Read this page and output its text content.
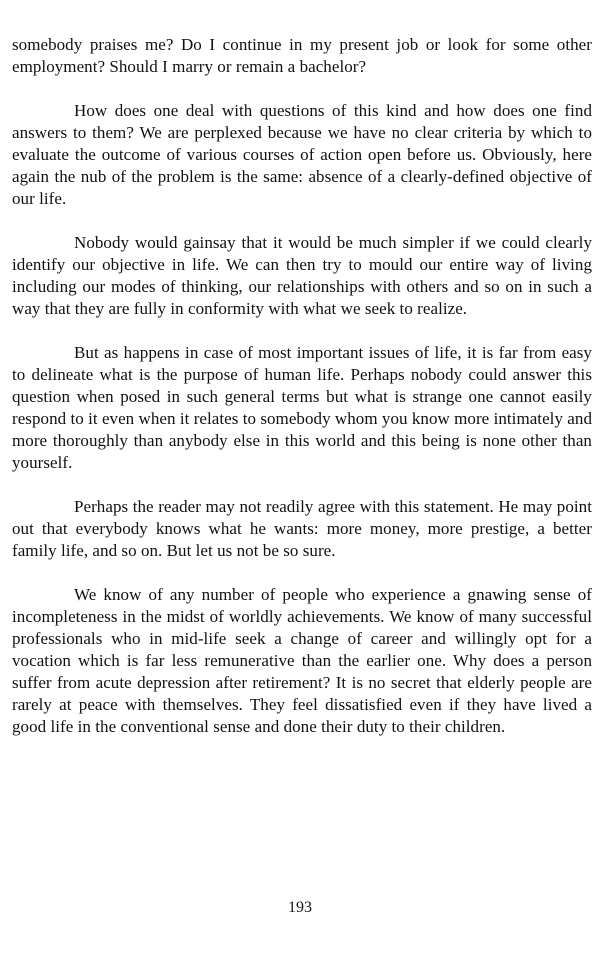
somebody praises me? Do I continue in my present job or look for some other employment? Should I marry or remain a bachelor?

How does one deal with questions of this kind and how does one find answers to them? We are perplexed because we have no clear criteria by which to evaluate the outcome of various courses of action open before us. Obviously, here again the nub of the problem is the same: absence of a clearly-defined objective of our life.

Nobody would gainsay that it would be much simpler if we could clearly identify our objective in life. We can then try to mould our entire way of living including our modes of thinking, our relationships with others and so on in such a way that they are fully in conformity with what we seek to realize.

But as happens in case of most important issues of life, it is far from easy to delineate what is the purpose of human life. Perhaps nobody could answer this question when posed in such general terms but what is strange one cannot easily respond to it even when it relates to somebody whom you know more intimately and more thoroughly than anybody else in this world and this being is none other than yourself.

Perhaps the reader may not readily agree with this statement. He may point out that everybody knows what he wants: more money, more prestige, a better family life, and so on. But let us not be so sure.

We know of any number of people who experience a gnawing sense of incompleteness in the midst of worldly achievements. We know of many successful professionals who in mid-life seek a change of career and willingly opt for a vocation which is far less remunerative than the earlier one. Why does a person suffer from acute depression after retirement? It is no secret that elderly people are rarely at peace with themselves. They feel dissatisfied even if they have lived a good life in the conventional sense and done their duty to their children.

193
